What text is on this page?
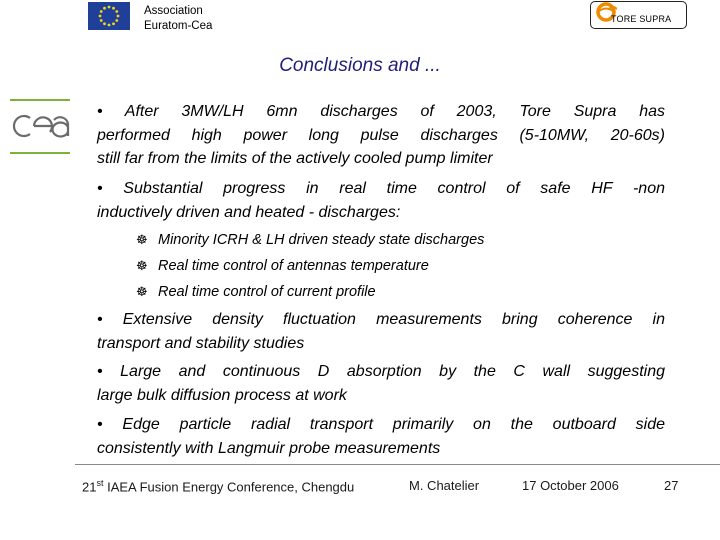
Association
Euratom-Cea
TORE SUPRA
Conclusions and ...
• After 3MW/LH 6mn discharges of 2003, Tore Supra has
performed high power long pulse discharges (5-10MW, 20-60s)
still far from the limits of the actively cooled pump limiter
• Substantial progress in real time control of safe HF -non
inductively driven and heated - discharges:
☸ Minority ICRH & LH driven steady state discharges
☸ Real time control of antennas temperature
☸ Real time control of current profile
• Extensive density fluctuation measurements bring coherence in
transport and stability studies
• Large and continuous D absorption by the C wall suggesting
large bulk diffusion process at work
• Edge particle radial transport primarily on the outboard side
consistently with Langmuir probe measurements
21st IAEA Fusion Energy Conference, Chengdu	M. Chatelier	17 October 2006	27
